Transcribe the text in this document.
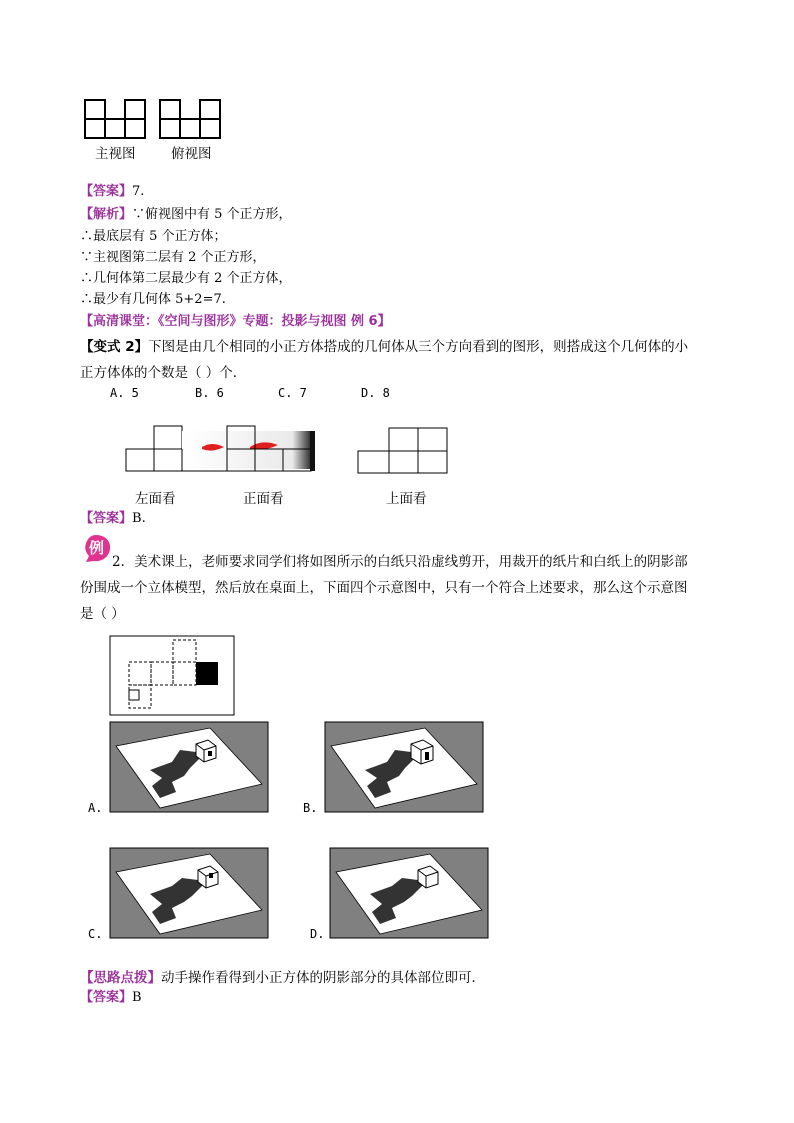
主视图	俯视图
【答案】7.
【解析】∵俯视图中有 5 个正方形，
∴最底层有 5 个正方体；
∵主视图第二层有 2 个正方形，
∴几何体第二层最少有 2 个正方体，
∴最少有几何体 5+2=7.
【高清课堂：《空间与图形》专题：投影与视图 例 6】
【变式 2】下图是由几个相同的小正方体搭成的几何体从三个方向看到的图形，则搭成这个几何体的小
正方体体的个数是（ ）个．
A. 5	B. 6	C. 7	D. 8
左面看	正面看	上面看
【答案】B.
例
2．美术课上，老师要求同学们将如图所示的白纸只沿虚线剪开，用裁开的纸片和白纸上的阴影部
份围成一个立体模型，然后放在桌面上，下面四个示意图中，只有一个符合上述要求，那么这个示意图
是（ ）
A.	B.
C.	D.
【思路点拨】动手操作看得到小正方体的阴影部分的具体部位即可．
【答案】B
